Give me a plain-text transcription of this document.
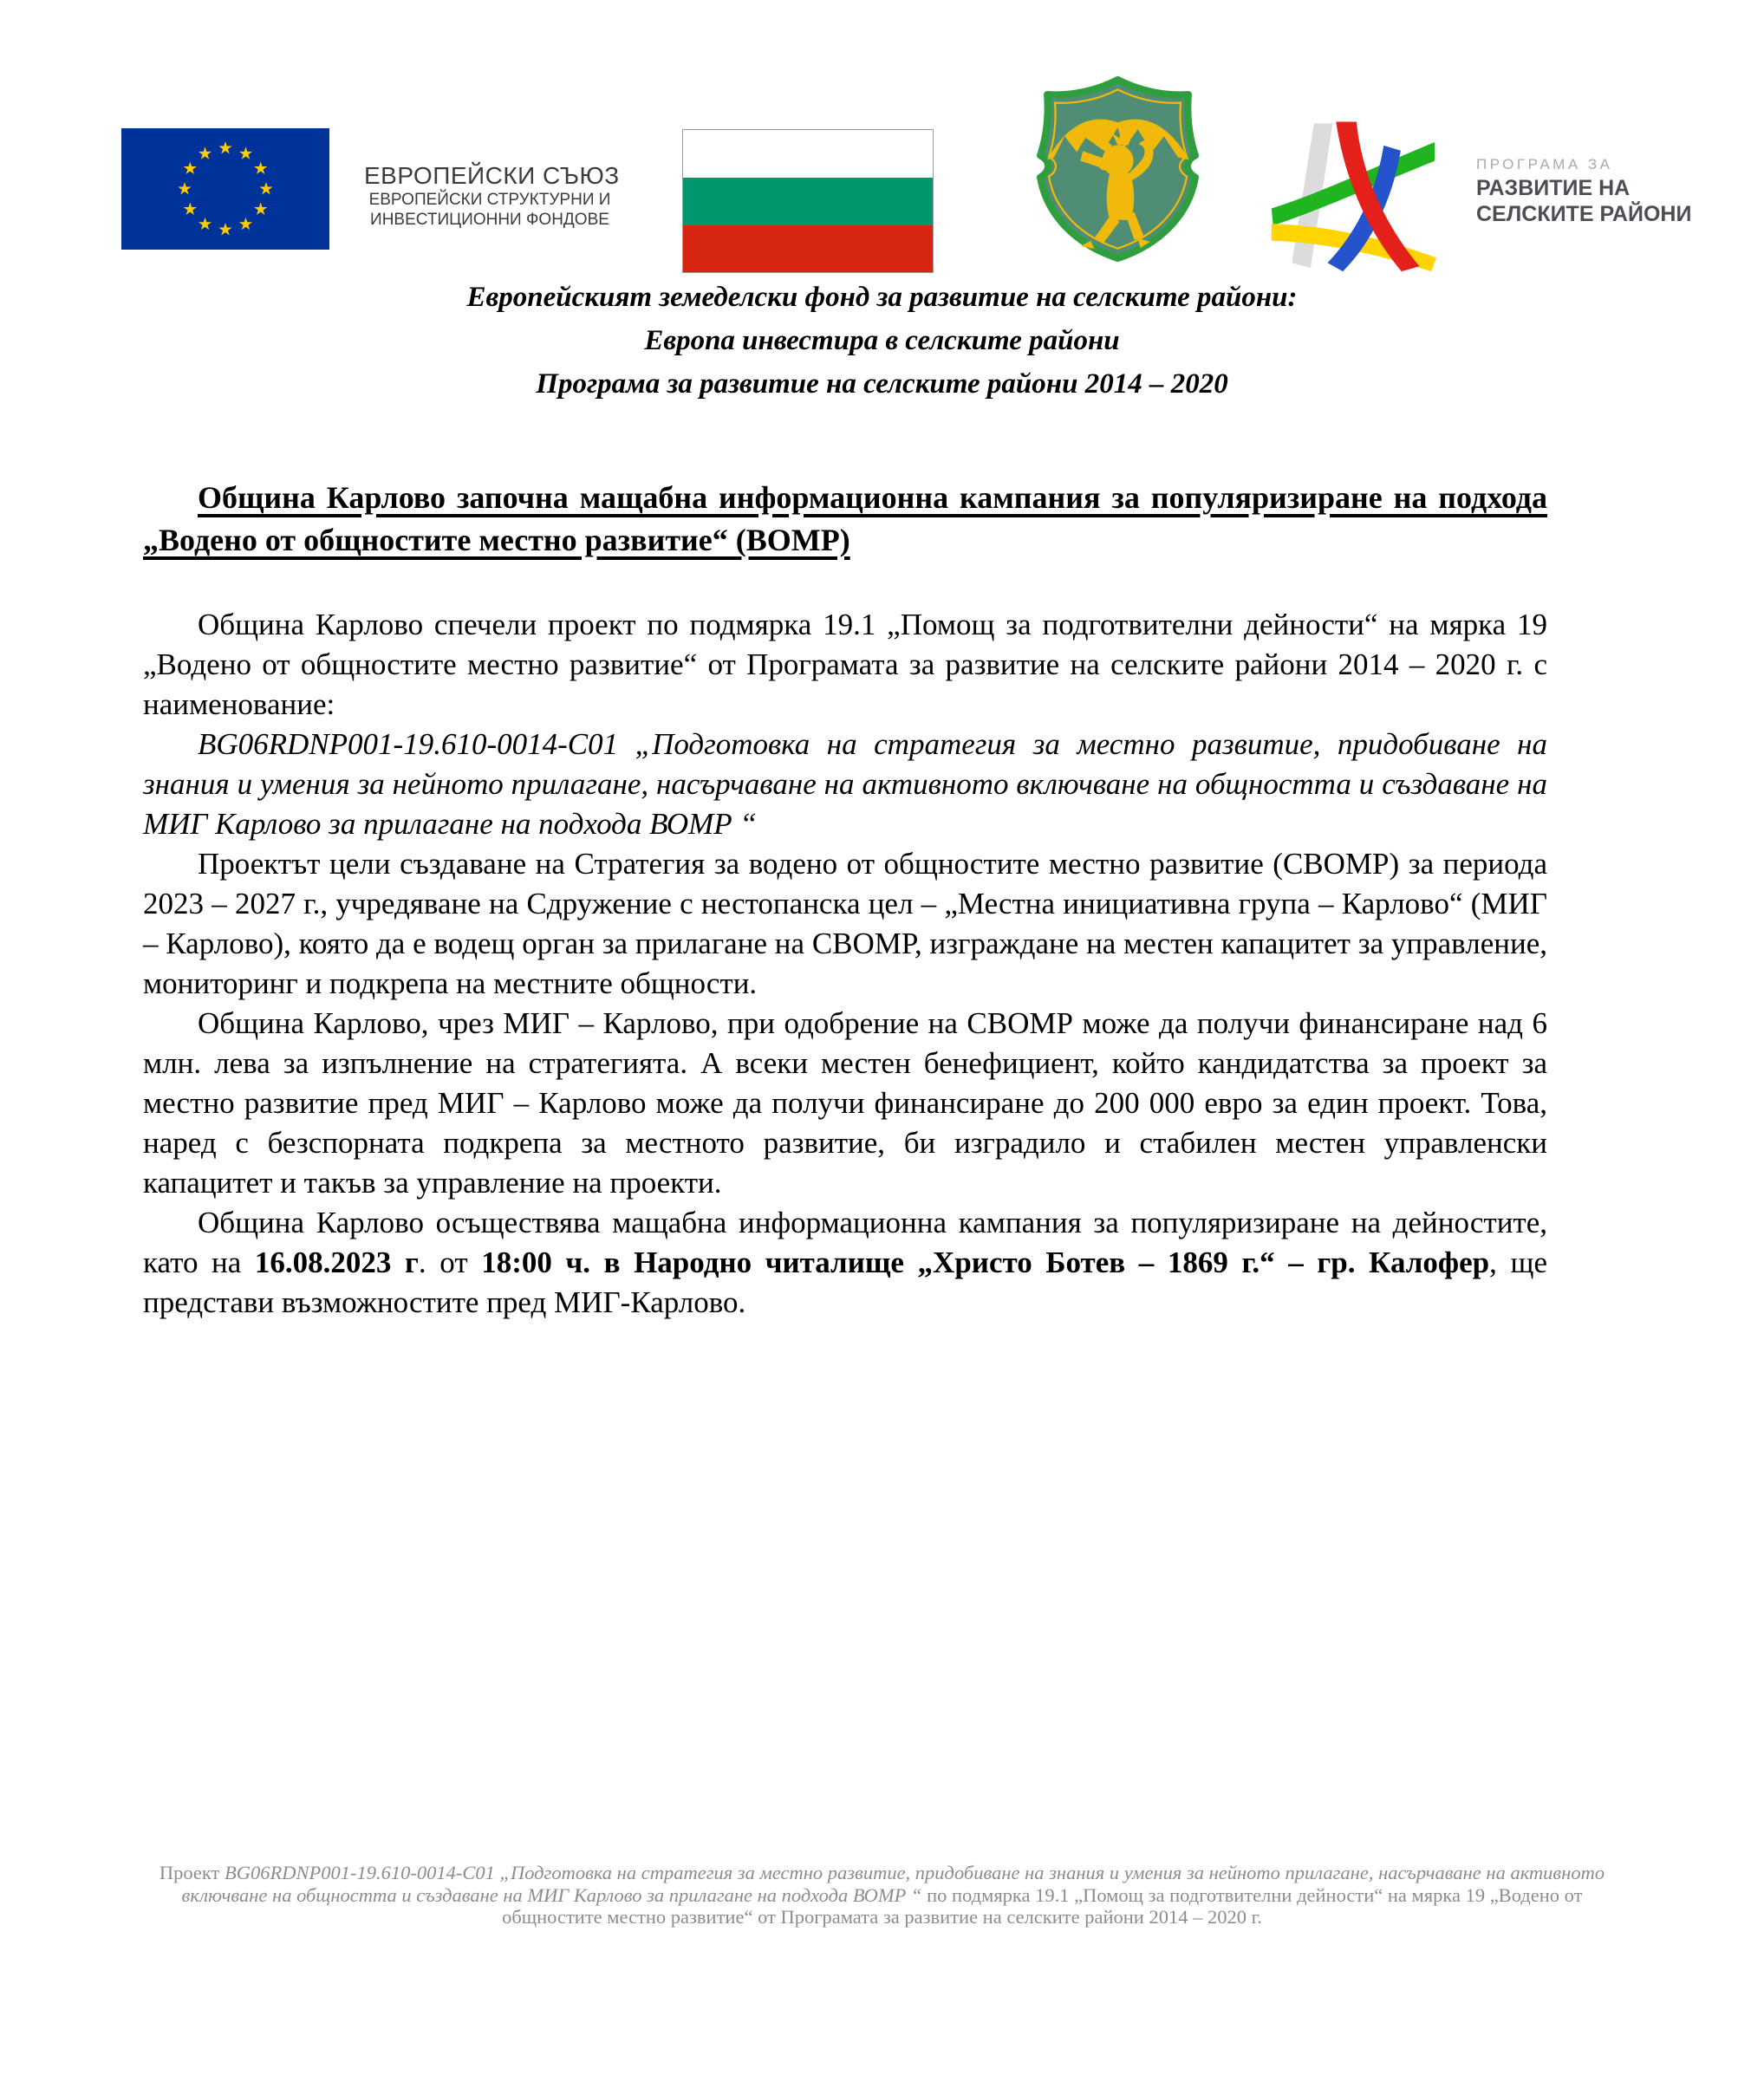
ЕВРОПЕЙСКИ СЪЮЗ
ЕВРОПЕЙСКИ СТРУКТУРНИ И
ИНВЕСТИЦИОННИ ФОНДОВЕ
ПРОГРАМА ЗА
РАЗВИТИЕ НА
СЕЛСКИТЕ РАЙОНИ
Европейският земеделски фонд за развитие на селските райони:
Европа инвестира в селските райони
Програма за развитие на селските райони 2014 – 2020
Община Карлово започна мащабна информационна кампания за популяризиране на подхода „Водено от общностите местно развитие“ (ВОМР)

Община Карлово спечели проект по подмярка 19.1 „Помощ за подготвителни дейности“ на мярка 19 „Водено от общностите местно развитие“ от Програмата за развитие на селските райони 2014 – 2020 г. с наименование:

BG06RDNP001-19.610-0014-C01 „Подготовка на стратегия за местно развитие, придобиване на знания и умения за нейното прилагане, насърчаване на активното включване на общността и създаване на МИГ Карлово за прилагане на подхода ВОМР “

Проектът цели създаване на Стратегия за водено от общностите местно развитие (СВОМР) за периода 2023 – 2027 г., учредяване на Сдружение с нестопанска цел – „Местна инициативна група – Карлово“ (МИГ – Карлово), която да е водещ орган за прилагане на СВОМР, изграждане на местен капацитет за управление, мониторинг и подкрепа на местните общности.

Община Карлово, чрез МИГ – Карлово, при одобрение на СВОМР може да получи финансиране над 6 млн. лева за изпълнение на стратегията. А всеки местен бенефициент, който кандидатства за проект за местно развитие пред МИГ – Карлово може да получи финансиране до 200 000 евро за един проект. Това, наред с безспорната подкрепа за местното развитие, би изградило и стабилен местен управленски капацитет и такъв за управление на проекти.

Община Карлово осъществява мащабна информационна кампания за популяризиране на дейностите, като на 16.08.2023 г. от 18:00 ч. в Народно читалище „Христо Ботев – 1869 г.“ – гр. Калофер, ще представи възможностите пред МИГ-Карлово.

Проект BG06RDNP001-19.610-0014-C01 „Подготовка на стратегия за местно развитие, придобиване на знания и умения за нейното прилагане, насърчаване на активното включване на общността и създаване на МИГ Карлово за прилагане на подхода ВОМР “ по подмярка 19.1 „Помощ за подготвителни дейности“ на мярка 19 „Водено от общностите местно развитие“ от Програмата за развитие на селските райони 2014 – 2020 г.
